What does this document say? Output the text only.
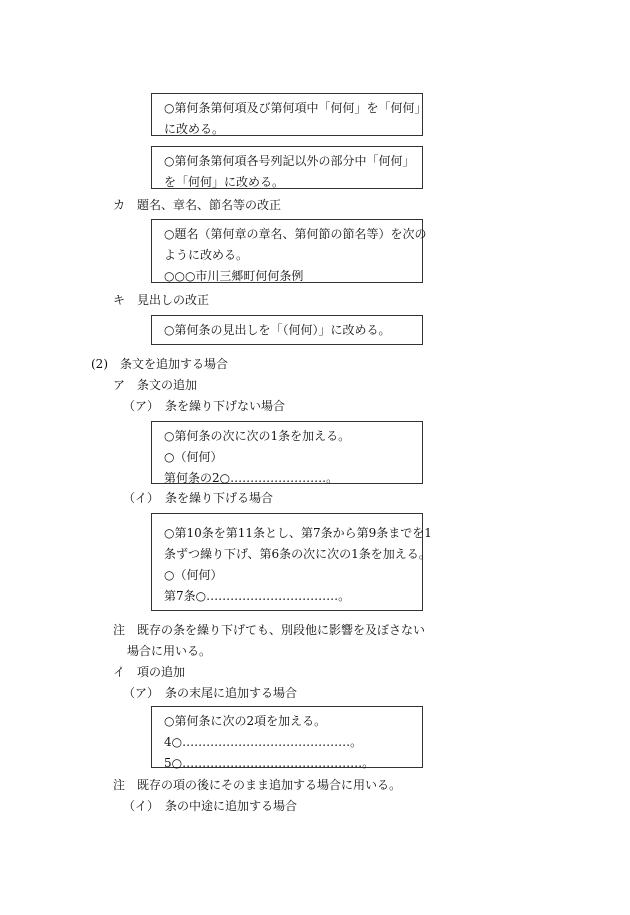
○第何条第何項及び第何項中「何何」を「何何」
に改める。
○第何条第何項各号列記以外の部分中「何何」
を「何何」に改める。
カ　題名、章名、節名等の改正
○題名（第何章の章名、第何節の節名等）を次の
ように改める。
○○○市川三郷町何何条例
キ　見出しの改正
○第何条の見出しを「（何何）」に改める。
(2)　条文を追加する場合
ア　条文の追加
（ア）　条を繰り下げない場合
○第何条の次に次の1条を加える。
○（何何）
第何条の2○……………………。
（イ）　条を繰り下げる場合
○第10条を第11条とし、第7条から第9条までを1
条ずつ繰り下げ、第6条の次に次の1条を加える。
○（何何）
第7条○……………………………。
注　既存の条を繰り下げても、別段他に影響を及ぼさない
場合に用いる。
イ　項の追加
（ア）　条の末尾に追加する場合
○第何条に次の2項を加える。
4○……………………………………。
5○………………………………………。
注　既存の項の後にそのまま追加する場合に用いる。
（イ）　条の中途に追加する場合
